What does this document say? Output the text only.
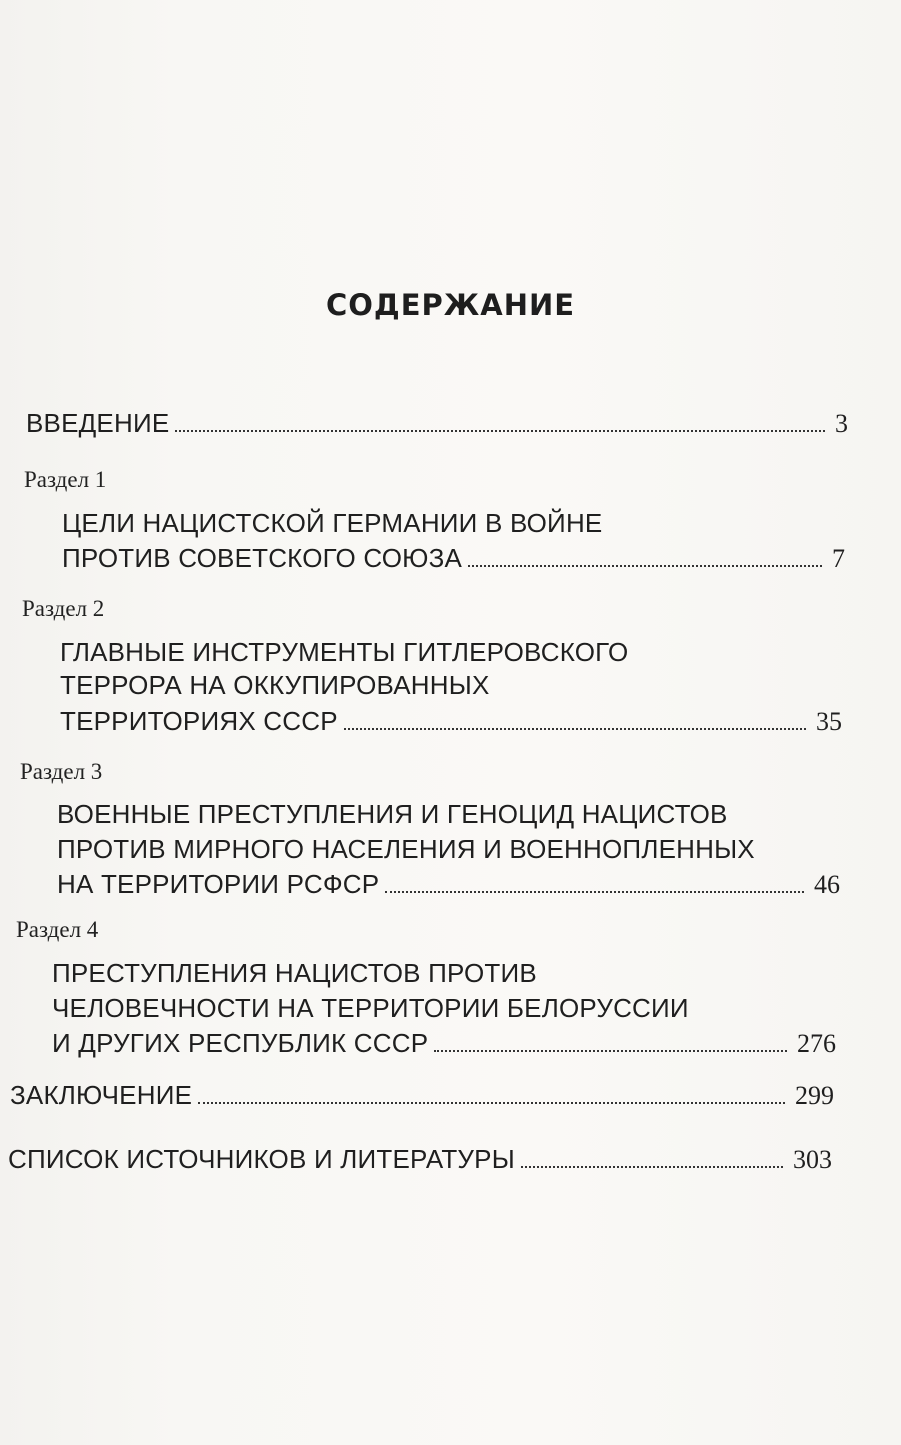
СОДЕРЖАНИЕ
ВВЕДЕНИЕ	3
Раздел 1
ЦЕЛИ НАЦИСТСКОЙ ГЕРМАНИИ В ВОЙНЕ
ПРОТИВ СОВЕТСКОГО СОЮЗА	7
Раздел 2
ГЛАВНЫЕ ИНСТРУМЕНТЫ ГИТЛЕРОВСКОГО
ТЕРРОРА НА ОККУПИРОВАННЫХ
ТЕРРИТОРИЯХ СССР	35
Раздел 3
ВОЕННЫЕ ПРЕСТУПЛЕНИЯ И ГЕНОЦИД НАЦИСТОВ
ПРОТИВ МИРНОГО НАСЕЛЕНИЯ И ВОЕННОПЛЕННЫХ
НА ТЕРРИТОРИИ РСФСР	46
Раздел 4
ПРЕСТУПЛЕНИЯ НАЦИСТОВ ПРОТИВ
ЧЕЛОВЕЧНОСТИ НА ТЕРРИТОРИИ БЕЛОРУССИИ
И ДРУГИХ РЕСПУБЛИК СССР	276
ЗАКЛЮЧЕНИЕ	299
СПИСОК ИСТОЧНИКОВ И ЛИТЕРАТУРЫ	303
